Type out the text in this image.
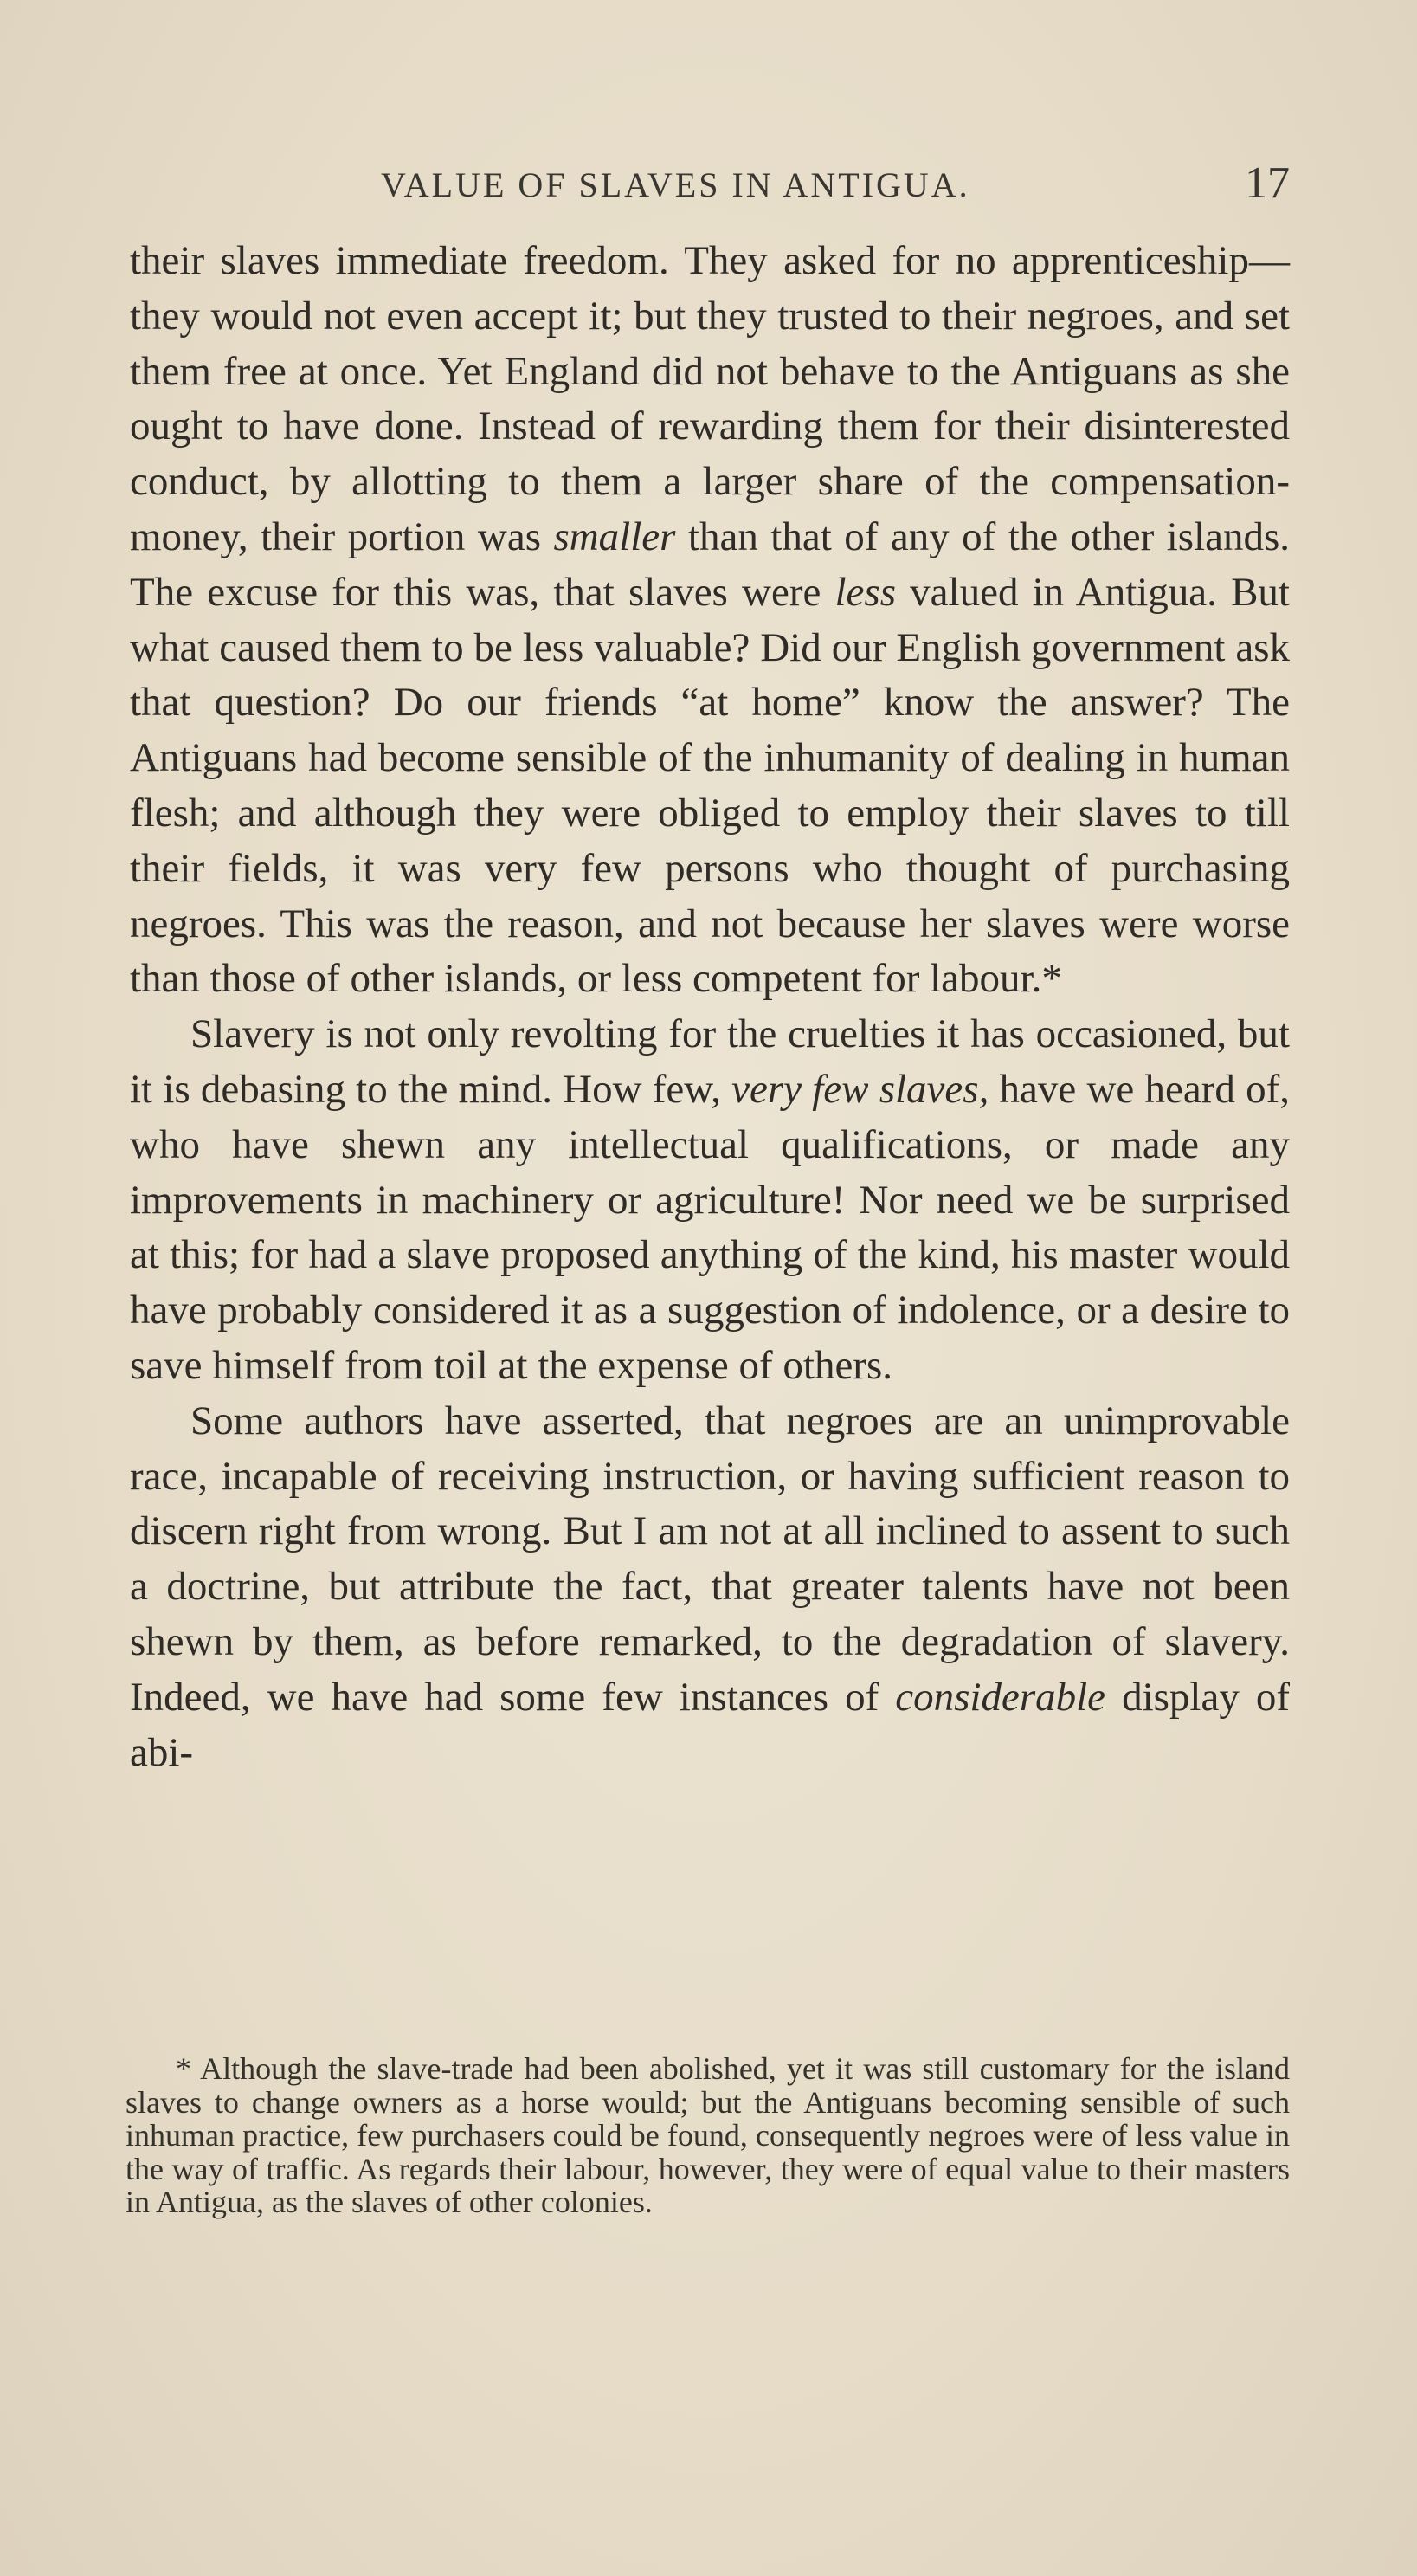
VALUE OF SLAVES IN ANTIGUA.	17

their slaves immediate freedom. They asked for no apprenticeship—they would not even accept it; but they trusted to their negroes, and set them free at once. Yet England did not behave to the Antiguans as she ought to have done. Instead of rewarding them for their disinterested conduct, by allotting to them a larger share of the compensation-money, their portion was smaller than that of any of the other islands. The excuse for this was, that slaves were less valued in Antigua. But what caused them to be less valuable? Did our English government ask that question? Do our friends “at home” know the answer? The Antiguans had become sensible of the inhumanity of dealing in human flesh; and although they were obliged to employ their slaves to till their fields, it was very few persons who thought of purchasing negroes. This was the reason, and not because her slaves were worse than those of other islands, or less competent for labour.*

Slavery is not only revolting for the cruelties it has occasioned, but it is debasing to the mind. How few, very few slaves, have we heard of, who have shewn any intellectual qualifications, or made any improvements in machinery or agriculture! Nor need we be surprised at this; for had a slave proposed anything of the kind, his master would have probably considered it as a suggestion of indolence, or a desire to save himself from toil at the expense of others.

Some authors have asserted, that negroes are an unimprovable race, incapable of receiving instruction, or having sufficient reason to discern right from wrong. But I am not at all inclined to assent to such a doctrine, but attribute the fact, that greater talents have not been shewn by them, as before remarked, to the degradation of slavery. Indeed, we have had some few instances of considerable display of abi-

* Although the slave-trade had been abolished, yet it was still customary for the island slaves to change owners as a horse would; but the Antiguans becoming sensible of such inhuman practice, few purchasers could be found, consequently negroes were of less value in the way of traffic. As regards their labour, however, they were of equal value to their masters in Antigua, as the slaves of other colonies.
